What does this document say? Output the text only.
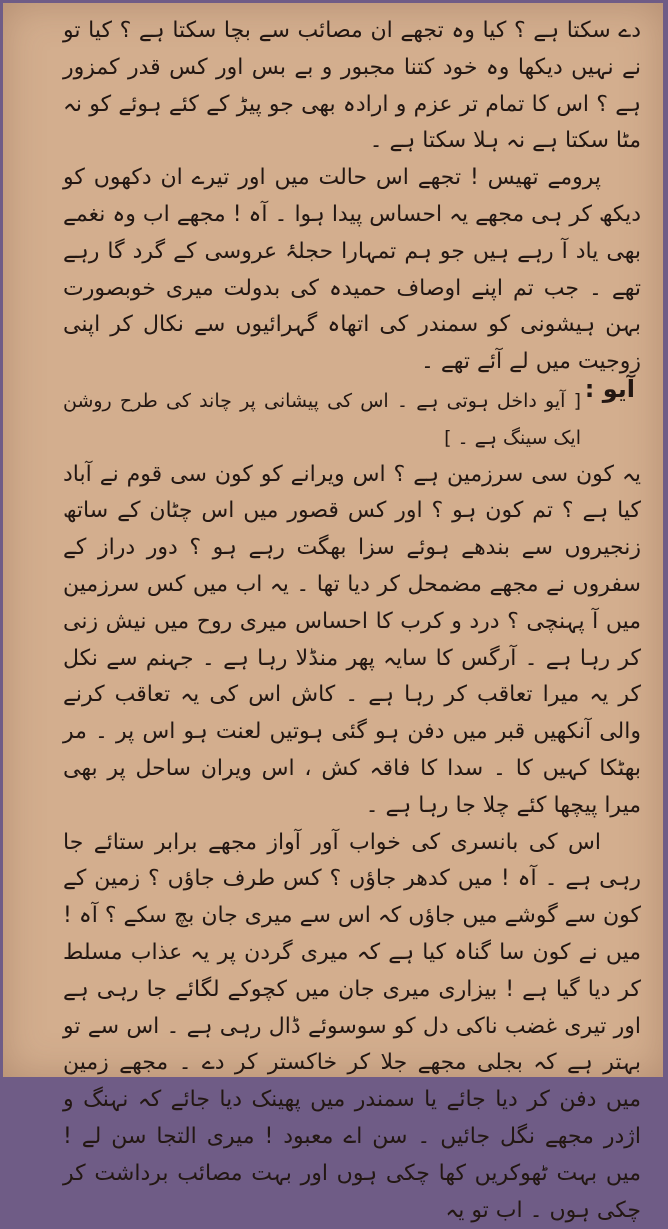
دے سکتا ہے ؟ کیا وہ تجھے ان مصائب سے بچا سکتا ہے ؟ کیا تو نے نہیں دیکھا وہ خود کتنا مجبور و بے بس اور کس قدر کمزور ہے ؟ اس کا تمام تر عزم و ارادہ بھی جو پیڑ کے کئے ہوئے کو نہ مٹا سکتا ہے نہ ہلا سکتا ہے ۔

پرومے تھیس ! تجھے اس حالت میں اور تیرے ان دکھوں کو دیکھ کر ہی مجھے یہ احساس پیدا ہوا ۔ آہ ! مجھے اب وہ نغمے بھی یاد آ رہے ہیں جو ہم تمہارا حجلۂ عروسی کے گرد گا رہے تھے ۔ جب تم اپنے اوصاف حمیدہ کی بدولت میری خوبصورت بہن ہیشونی کو سمندر کی اتھاہ گہرائیوں سے نکال کر اپنی زوجیت میں لے آئے تھے ۔

[ آیو داخل ہوتی ہے ۔ اس کی پیشانی پر چاند کی طرح روشن ایک سینگ ہے ۔ ]

یہ کون سی سرزمین ہے ؟ اس ویرانے کو کون سی قوم نے آباد کیا ہے ؟ تم کون ہو ؟ اور کس قصور میں اس چٹان کے ساتھ زنجیروں سے بندھے ہوئے سزا بھگت رہے ہو ؟ دور دراز کے سفروں نے مجھے مضمحل کر دیا تھا ۔ یہ اب میں کس سرزمین میں آ پہنچی ؟ درد و کرب کا احساس میری روح میں نیش زنی کر رہا ہے ۔ آرگس کا سایہ پھر منڈلا رہا ہے ۔ جہنم سے نکل کر یہ میرا تعاقب کر رہا ہے ۔ کاش اس کی یہ تعاقب کرنے والی آنکھیں قبر میں دفن ہو گئی ہوتیں لعنت ہو اس پر ۔ مر بھٹکا کہیں کا ۔ سدا کا فاقہ کش ، اس ویران ساحل پر بھی میرا پیچھا کئے چلا جا رہا ہے ۔

اس کی بانسری کی خواب آور آواز مجھے برابر ستائے جا رہی ہے ۔ آہ ! میں کدھر جاؤں ؟ کس طرف جاؤں ؟ زمین کے کون سے گوشے میں جاؤں کہ اس سے میری جان بچ سکے ؟ آہ ! میں نے کون سا گناہ کیا ہے کہ میری گردن پر یہ عذاب مسلط کر دیا گیا ہے ! بیزاری میری جان میں کچوکے لگائے جا رہی ہے اور تیری غضب ناکی دل کو سوسوئے ڈال رہی ہے ۔ اس سے تو بہتر ہے کہ بجلی مجھے جلا کر خاکستر کر دے ۔ مجھے زمین میں دفن کر دیا جائے یا سمندر میں پھینک دیا جائے کہ نہنگ و اژدر مجھے نگل جائیں ۔ سن اے معبود ! میری التجا سن لے ! میں بہت ٹھوکریں کھا چکی ہوں اور بہت مصائب برداشت کر چکی ہوں ۔ اب تو یہ

آیو :
